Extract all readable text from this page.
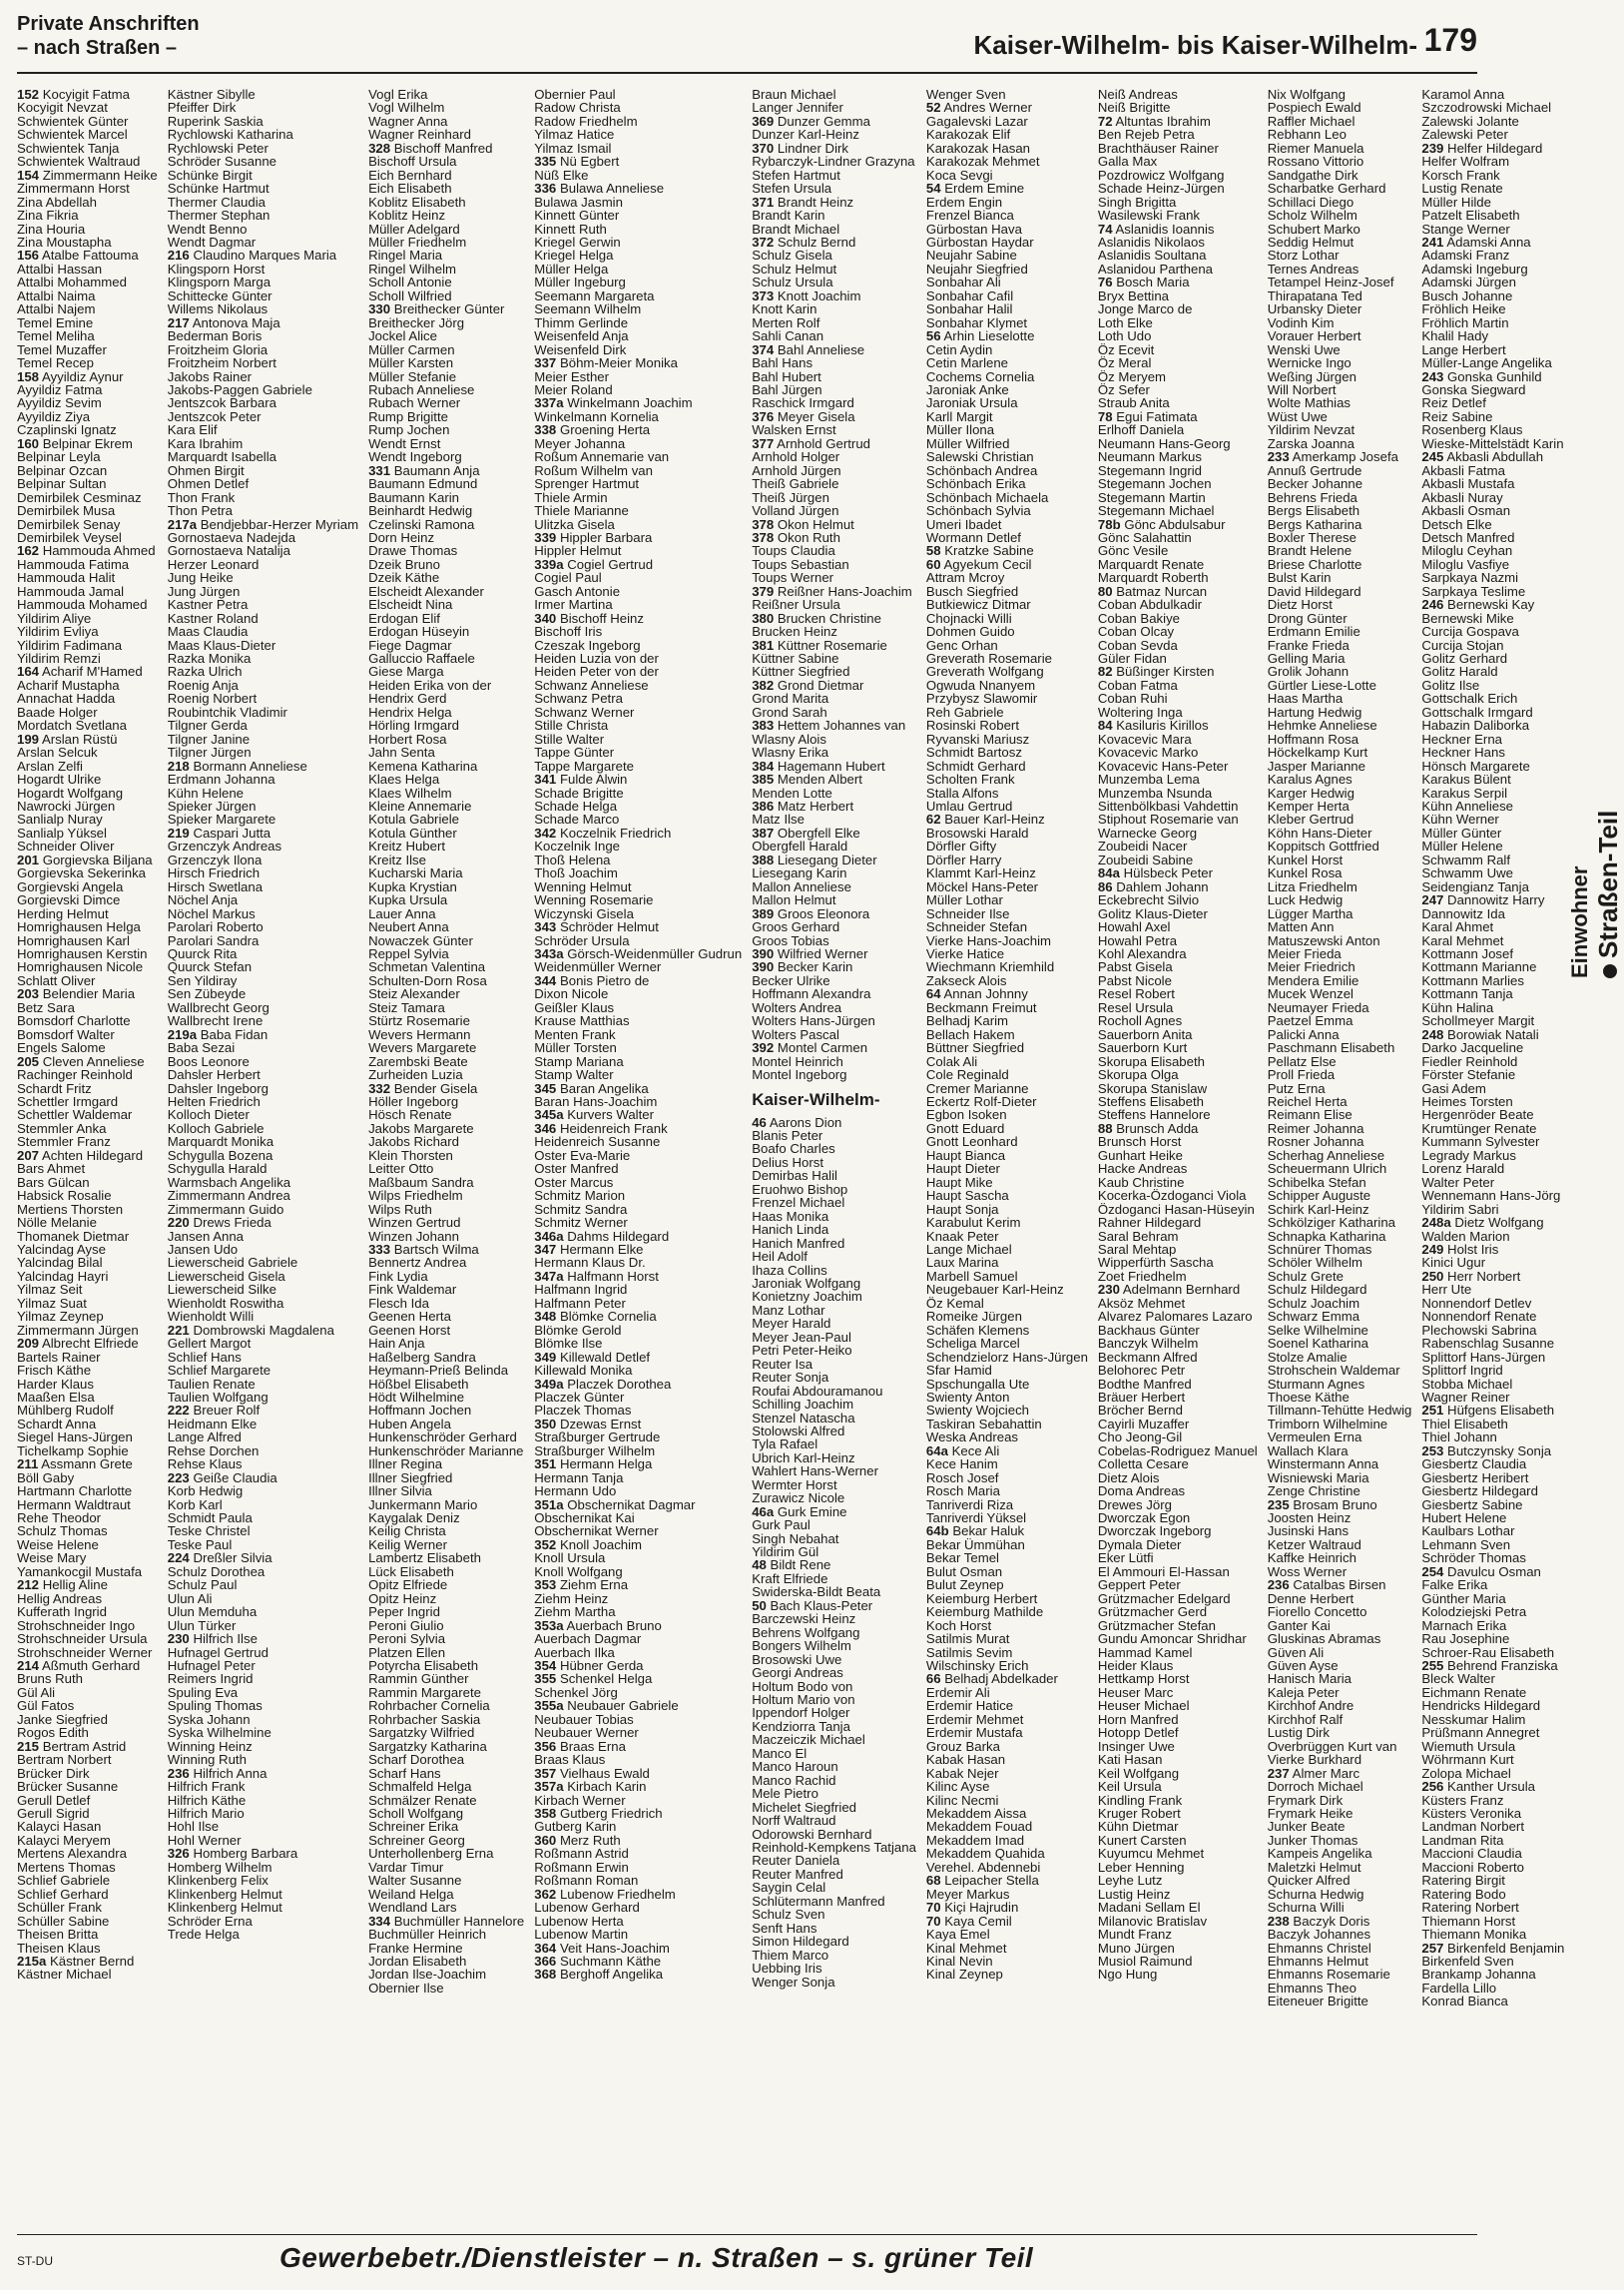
Private Anschriften
– nach Straßen –	Kaiser-Wilhelm- bis Kaiser-Wilhelm- 179
152 Kocyigit Fatma
Kocyigit Nevzat
Schwientek Günter
Schwientek Marcel
Schwientek Tanja
Schwientek Waltraud
154 Zimmermann Heike
Zimmermann Horst
Zina Abdellah
Zina Fikria
Zina Houria
Zina Moustapha
156 Atalbe Fattouma
Attalbi Hassan
Attalbi Mohammed
Attalbi Naima
Attalbi Najem
Temel Emine
Temel Meliha
Temel Muzaffer
Temel Recep
158 Ayyildiz Aynur
Ayyildiz Fatma
Ayyildiz Sevim
Ayyildiz Ziya
Czaplinski Ignatz
160 Belpinar Ekrem
Belpinar Leyla
Belpinar Ozcan
Belpinar Sultan
Demirbilek Cesminaz
Demirbilek Musa
Demirbilek Senay
Demirbilek Veysel
162 Hammouda Ahmed
Hammouda Fatima
Hammouda Halit
Hammouda Jamal
Hammouda Mohamed
Yildirim Aliye
Yildirim Evliya
Yildirim Fadimana
Yildirim Remzi
164 Acharif M'Hamed
Acharif Mustapha
Annachat Hadda
Baade Holger
Mordatch Svetlana
199 Arslan Rüstü
Arslan Selcuk
Arslan Zelfi
Hogardt Ulrike
Hogardt Wolfgang
Nawrocki Jürgen
Sanlialp Nuray
Sanlialp Yüksel
Schneider Oliver
201 Gorgievska Biljana
Gorgievska Sekerinka
Gorgievski Angela
Gorgievski Dimce
Herding Helmut
Homrighausen Helga
Homrighausen Karl
Homrighausen Kerstin
Homrighausen Nicole
Schlatt Oliver
203 Belendier Maria
Betz Sara
Bomsdorf Charlotte
Bomsdorf Walter
Engels Salome
205 Cleven Anneliese
Rachinger Reinhold
Schardt Fritz
Schettler Irmgard
Schettler Waldemar
Stemmler Anka
Stemmler Franz
207 Achten Hildegard
Bars Ahmet
Bars Gülcan
Habsick Rosalie
Mertiens Thorsten
Nölle Melanie
Thomanek Dietmar
Yalcindag Ayse
Yalcindag Bilal
Yalcindag Hayri
Yilmaz Seit
Yilmaz Suat
Yilmaz Zeynep
Zimmermann Jürgen
209 Albrecht Elfriede
Bartels Rainer
Frisch Käthe
Harder Klaus
Maaßen Elsa
Mühlberg Rudolf
Schardt Anna
Siegel Hans-Jürgen
Tichelkamp Sophie
211 Assmann Grete
Böll Gaby
Hartmann Charlotte
Hermann Waldtraut
Rehe Theodor
Schulz Thomas
Weise Helene
Weise Mary
Yamankocgil Mustafa
212 Hellig Aline
Hellig Andreas
Kufferath Ingrid
Strohschneider Ingo
Strohschneider Ursula
Strohschneider Werner
214 Aßmuth Gerhard
Bruns Ruth
Gül Ali
Gül Fatos
Janke Siegfried
Rogos Edith
215 Bertram Astrid
Bertram Norbert
Brücker Dirk
Brücker Susanne
Gerull Detlef
Gerull Sigrid
Kalayci Hasan
Kalayci Meryem
Mertens Alexandra
Mertens Thomas
Schlief Gabriele
Schlief Gerhard
Schüller Frank
Schüller Sabine
Theisen Britta
Theisen Klaus
215a Kästner Bernd
Kästner Michael
Kästner Sibylle
Pfeiffer Dirk
Ruperink Saskia
Rychlowski Katharina
Rychlowski Peter
Schröder Susanne
Schünke Birgit
Schünke Hartmut
Thermer Claudia
Thermer Stephan
Wendt Benno
Wendt Dagmar
216 Claudino Marques Maria
Klingsporn Horst
Klingsporn Marga
Schittecke Günter
Willems Nikolaus
217 Antonova Maja
Bederman Boris
Froitzheim Gloria
Froitzheim Norbert
Jakobs Rainer
Jakobs-Paggen Gabriele
Jentszcok Barbara
Jentszcok Peter
Kara Elif
Kara Ibrahim
Marquardt Isabella
Ohmen Birgit
Ohmen Detlef
Thon Frank
Thon Petra
217a Bendjebbar-Herzer Myriam
Gornostaeva Nadejda
Gornostaeva Natalija
Herzer Leonard
Jung Heike
Jung Jürgen
Kastner Petra
Kastner Roland
Maas Claudia
Maas Klaus-Dieter
Razka Monika
Razka Ulrich
Roenig Anja
Roenig Norbert
Roubintchik Vladimir
Tilgner Gerda
Tilgner Janine
Tilgner Jürgen
218 Bormann Anneliese
Erdmann Johanna
Kühn Helene
Spieker Jürgen
Spieker Margarete
219 Caspari Jutta
Grzenczyk Andreas
Grzenczyk Ilona
Hirsch Friedrich
Hirsch Swetlana
Nöchel Anja
Nöchel Markus
Parolari Roberto
Parolari Sandra
Quurck Rita
Quurck Stefan
Sen Yildiray
Sen Zübeyde
Wallbrecht Georg
Wallbrecht Irene
219a Baba Fidan
Baba Sezai
Boos Leonore
Dahsler Herbert
Dahsler Ingeborg
Helten Friedrich
Kolloch Dieter
Kolloch Gabriele
Marquardt Monika
Schygulla Bozena
Schygulla Harald
Warmsbach Angelika
Zimmermann Andrea
Zimmermann Guido
220 Drews Frieda
Jansen Anna
Jansen Udo
Liewerscheid Gabriele
Liewerscheid Gisela
Liewerscheid Silke
Wienholdt Roswitha
Wienholdt Willi
221 Dombrowski Magdalena
Gellert Margot
Schlief Hans
Schlief Margarete
Taulien Renate
Taulien Wolfgang
222 Breuer Rolf
Heidmann Elke
Lange Alfred
Rehse Dorchen
Rehse Klaus
223 Geiße Claudia
Korb Hedwig
Korb Karl
Schmidt Paula
Teske Christel
Teske Paul
224 Dreßler Silvia
Schulz Dorothea
Schulz Paul
Ulun Ali
Ulun Memduha
Ulun Türker
230 Hilfrich Ilse
Hufnagel Gertrud
Hufnagel Peter
Reimers Ingrid
Spuling Eva
Spuling Thomas
Syska Johann
Syska Wilhelmine
Winning Heinz
Winning Ruth
236 Hilfrich Anna
Hilfrich Frank
Hilfrich Käthe
Hilfrich Mario
Hohl Ilse
Hohl Werner
326 Homberg Barbara
Homberg Wilhelm
Klinkenberg Felix
Klinkenberg Helmut
Klinkenberg Helmut
Schröder Erna
Trede Helga
Vogl Erika
Vogl Wilhelm
Wagner Anna
Wagner Reinhard
328 Bischoff Manfred
Bischoff Ursula
Eich Bernhard
Eich Elisabeth
Koblitz Elisabeth
Koblitz Heinz
Müller Adelgard
Müller Friedhelm
Ringel Maria
Ringel Wilhelm
Scholl Antonie
Scholl Wilfried
330 Breithecker Günter
Breithecker Jörg
Jockel Alice
Müller Carmen
Müller Karsten
Müller Stefanie
Rubach Anneliese
Rubach Werner
Rump Brigitte
Rump Jochen
Wendt Ernst
Wendt Ingeborg
331 Baumann Anja
Baumann Edmund
Baumann Karin
Beinhardt Hedwig
Czelinski Ramona
Dorn Heinz
Drawe Thomas
Dzeik Bruno
Dzeik Käthe
Elscheidt Alexander
Elscheidt Nina
Erdogan Elif
Erdogan Hüseyin
Fiege Dagmar
Galluccio Raffaele
Giese Marga
Heiden Erika von der
Hendrix Gerd
Hendrix Helga
Hörling Irmgard
Horbert Rosa
Jahn Senta
Kemena Katharina
Klaes Helga
Klaes Wilhelm
Kleine Annemarie
Kotula Gabriele
Kotula Günther
Kreitz Hubert
Kreitz Ilse
Kucharski Maria
Kupka Krystian
Kupka Ursula
Lauer Anna
Neubert Anna
Nowaczek Günter
Reppel Sylvia
Schmetan Valentina
Schulten-Dorn Rosa
Steiz Alexander
Steiz Tamara
Stürtz Rosemarie
Wevers Hermann
Wevers Margarete
Zarembski Beate
Zurheiden Luzia
332 Bender Gisela
Höller Ingeborg
Hösch Renate
Jakobs Margarete
Jakobs Richard
Klein Thorsten
Leitter Otto
Maßbaum Sandra
Wilps Friedhelm
Wilps Ruth
Winzen Gertrud
Winzen Johann
333 Bartsch Wilma
Bennertz Andrea
Fink Lydia
Fink Waldemar
Flesch Ida
Geenen Herta
Geenen Horst
Hain Anja
Haßelberg Sandra
Heymann-Prieß Belinda
Hößbel Elisabeth
Hödt Wilhelmine
Hoffmann Jochen
Huben Angela
Hunkenschröder Gerhard
Hunkenschröder Marianne
Illner Regina
Illner Siegfried
Illner Silvia
Junkermann Mario
Kaygalak Deniz
Keilig Christa
Keilig Werner
Lambertz Elisabeth
Lück Elisabeth
Opitz Elfriede
Opitz Heinz
Peper Ingrid
Peroni Giulio
Peroni Sylvia
Platzen Ellen
Potyrcha Elisabeth
Rammin Günther
Rammin Margarete
Rohrbacher Cornelia
Rohrbacher Saskia
Sargatzky Wilfried
Sargatzky Katharina
Scharf Dorothea
Scharf Hans
Schmalfeld Helga
Schmälzer Renate
Scholl Wolfgang
Schreiner Erika
Schreiner Georg
Unterhollenberg Erna
Vardar Timur
Walter Susanne
Weiland Helga
Wendland Lars
334 Buchmüller Hannelore
Buchmüller Heinrich
Franke Hermine
Jordan Elisabeth
Jordan Ilse-Joachim
Obernier Ilse
Obernier Paul
Radow Christa
Radow Friedhelm
Yilmaz Hatice
Yilmaz Ismail
335 Nü Egbert
Nüß Elke
336 Bulawa Anneliese
Bulawa Jasmin
Kinnett Günter
Kinnett Ruth
Kriegel Gerwin
Kriegel Helga
Müller Helga
Müller Ingeburg
Seemann Margareta
Seemann Wilhelm
Thimm Gerlinde
Weisenfeld Anja
Weisenfeld Dirk
337 Böhm-Meier Monika
Meier Esther
Meier Roland
337a Winkelmann Joachim
Winkelmann Kornelia
338 Groening Herta
Meyer Johanna
Roßum Annemarie van
Roßum Wilhelm van
Sprenger Hartmut
Thiele Armin
Thiele Marianne
Ulitzka Gisela
339 Hippler Barbara
Hippler Helmut
339a Cogiel Gertrud
Cogiel Paul
Gasch Antonie
Irmer Martina
340 Bischoff Heinz
Bischoff Iris
Czeszak Ingeborg
Heiden Luzia von der
Heiden Peter von der
Schwanz Anneliese
Schwanz Petra
Schwanz Werner
Stille Christa
Stille Walter
Tappe Günter
Tappe Margarete
341 Fulde Alwin
Schade Brigitte
Schade Helga
Schade Marco
342 Koczelnik Friedrich
Koczelnik Inge
Thoß Helena
Thoß Joachim
Wenning Helmut
Wenning Rosemarie
Wiczynski Gisela
343 Schröder Helmut
Schröder Ursula
343a Görsch-Weidenmüller Gudrun
Weidenmüller Werner
344 Bonis Pietro de
Dixon Nicole
Geißler Klaus
Krause Matthias
Menten Frank
Müller Torsten
Stamp Mariana
Stamp Walter
345 Baran Angelika
Baran Hans-Joachim
345a Kurvers Walter
346 Heidenreich Frank
Heidenreich Susanne
Oster Eva-Marie
Oster Manfred
Oster Marcus
Schmitz Marion
Schmitz Sandra
Schmitz Werner
346a Dahms Hildegard
347 Hermann Elke
Hermann Klaus Dr.
347a Halfmann Horst
Halfmann Ingrid
Halfmann Peter
348 Blömke Cornelia
Blömke Gerold
Blömke Ilse
349 Killewald Detlef
Killewald Monika
349a Placzek Dorothea
Placzek Günter
Placzek Thomas
350 Dzewas Ernst
Straßburger Gertrude
Straßburger Wilhelm
351 Hermann Helga
Hermann Tanja
Hermann Udo
351a Obschernikat Dagmar
Obschernikat Kai
Obschernikat Werner
352 Knoll Joachim
Knoll Ursula
Knoll Wolfgang
353 Ziehm Erna
Ziehm Heinz
Ziehm Martha
353a Auerbach Bruno
Auerbach Dagmar
Auerbach Ilka
354 Hübner Gerda
355 Schenkel Helga
Schenkel Jörg
355a Neubauer Gabriele
Neubauer Tobias
Neubauer Werner
356 Braas Erna
Braas Klaus
357 Vielhaus Ewald
357a Kirbach Karin
Kirbach Werner
358 Gutberg Friedrich
Gutberg Karin
360 Merz Ruth
Roßmann Astrid
Roßmann Erwin
Roßmann Roman
362 Lubenow Friedhelm
Lubenow Gerhard
Lubenow Herta
Lubenow Martin
364 Veit Hans-Joachim
366 Suchmann Käthe
368 Berghoff Angelika
Braun Michael
Langer Jennifer
369 Dunzer Gemma
Dunzer Karl-Heinz
370 Lindner Dirk
Rybarczyk-Lindner Grazyna
Stefen Hartmut
Stefen Ursula
371 Brandt Heinz
Brandt Karin
Brandt Michael
372 Schulz Bernd
Schulz Gisela
Schulz Helmut
Schulz Ursula
373 Knott Joachim
Knott Karin
Merten Rolf
Sahli Canan
374 Bahl Anneliese
Bahl Hans
Bahl Hubert
Bahl Jürgen
Raschick Irmgard
376 Meyer Gisela
Walsken Ernst
377 Arnhold Gertrud
Arnhold Holger
Arnhold Jürgen
Theiß Gabriele
Theiß Jürgen
Volland Jürgen
378 Okon Helmut
378 Okon Ruth
Toups Claudia
Toups Sebastian
Toups Werner
379 Reißner Hans-Joachim
Reißner Ursula
380 Brucken Christine
Brucken Heinz
381 Küttner Rosemarie
Küttner Sabine
Küttner Siegfried
382 Grond Dietmar
Grond Marita
Grond Sarah
383 Hettem Johannes van
Wlasny Alois
Wlasny Erika
384 Hagemann Hubert
385 Menden Albert
Menden Lotte
386 Matz Herbert
Matz Ilse
387 Obergfell Elke
Obergfell Harald
388 Liesegang Dieter
Liesegang Karin
Mallon Anneliese
Mallon Helmut
389 Groos Eleonora
Groos Gerhard
Groos Tobias
390 Wilfried Werner
390 Becker Karin
Becker Ulrike
Hoffmann Alexandra
Wolters Andrea
Wolters Hans-Jürgen
Wolters Pascal
392 Montel Carmen
Montel Heinrich
Montel Ingeborg
Kaiser-Wilhelm-
46 Aarons Dion
Blanis Peter
Boafo Charles
Delius Horst
Demirbas Halil
Eruohwo Bishop
Frenzel Michael
Haas Monika
Hanich Linda
Hanich Manfred
Heil Adolf
Ihaza Collins
Jaroniak Wolfgang
Konietzny Joachim
Manz Lothar
Meyer Harald
Meyer Jean-Paul
Petri Peter-Heiko
Reuter Isa
Reuter Sonja
Roufai Abdouramanou
Schilling Joachim
Stenzel Natascha
Stolowski Alfred
Tyla Rafael
Ubrich Karl-Heinz
Wahlert Hans-Werner
Wermter Horst
Zurawicz Nicole
46a Gurk Emine
Gurk Paul
Singh Nebahat
Yildirim Gül
48 Bildt Rene
Kraft Elfriede
Swiderska-Bildt Beata
50 Bach Klaus-Peter
Barczewski Heinz
Behrens Wolfgang
Bongers Wilhelm
Brosowski Uwe
Georgi Andreas
Holtum Bodo von
Holtum Mario von
Ippendorf Holger
Kendziorra Tanja
Maczeiczik Michael
Manco El
Manco Haroun
Manco Rachid
Mele Pietro
Michelet Siegfried
Norff Waltraud
Odorowski Bernhard
Reinhold-Kempkens Tatjana
Reuter Daniela
Reuter Manfred
Saygin Celal
Schlütermann Manfred
Schulz Sven
Senft Hans
Simon Hildegard
Thiem Marco
Uebbing Iris
Wenger Sonja
Wenger Sven
52 Andres Werner
Gagalevski Lazar
Karakozak Elif
Karakozak Hasan
Karakozak Mehmet
Koca Sevgi
54 Erdem Emine
Erdem Engin
Frenzel Bianca
Gürbostan Hava
Gürbostan Haydar
Neujahr Sabine
Neujahr Siegfried
Sonbahar Ali
Sonbahar Cafil
Sonbahar Halil
Sonbahar Klymet
56 Arhin Lieselotte
Cetin Aydin
Cetin Marlene
Cochems Cornelia
Jaroniak Anke
Jaroniak Ursula
Karll Margit
Müller Ilona
Müller Wilfried
Salewski Christian
Schönbach Andrea
Schönbach Erika
Schönbach Michaela
Schönbach Sylvia
Umeri Ibadet
Wormann Detlef
58 Kratzke Sabine
60 Agyekum Cecil
Attram Mcroy
Busch Siegfried
Butkiewicz Ditmar
Chojnacki Willi
Dohmen Guido
Genc Orhan
Greverath Rosemarie
Greverath Wolfgang
Ogwuda Nnanyem
Przybysz Slawomir
Reh Gabriele
Rosinski Robert
Ryvanski Mariusz
Schmidt Bartosz
Schmidt Gerhard
Scholten Frank
Stalla Alfons
Umlau Gertrud
62 Bauer Karl-Heinz
Brosowski Harald
Dörfler Gifty
Dörfler Harry
Klammt Karl-Heinz
Möckel Hans-Peter
Müller Lothar
Schneider Ilse
Schneider Stefan
Vierke Hans-Joachim
Vierke Hatice
Wiechmann Kriemhild
Zakseck Alois
64 Annan Johnny
Beckmann Freimut
Belhadj Karim
Bellach Hakem
Büttner Siegfried
Colak Ali
Cole Reginald
Cremer Marianne
Eckertz Rolf-Dieter
Egbon Isoken
Gnott Eduard
Gnott Leonhard
Haupt Bianca
Haupt Dieter
Haupt Mike
Haupt Sascha
Haupt Sonja
Karabulut Kerim
Knaak Peter
Lange Michael
Laux Marina
Marbell Samuel
Neugebauer Karl-Heinz
Öz Kemal
Romeike Jürgen
Schäfen Klemens
Scheliga Marcel
Schendzielorz Hans-Jürgen
Sfar Hamid
Spschungalla Ute
Swienty Anton
Swienty Wojciech
Taskiran Sebahattin
Weska Andreas
64a Kece Ali
Kece Hanim
Rosch Josef
Rosch Maria
Tanriverdi Riza
Tanriverdi Yüksel
64b Bekar Haluk
Bekar Ümmühan
Bekar Temel
Bulut Osman
Bulut Zeynep
Keiemburg Herbert
Keiemburg Mathilde
Koch Horst
Satilmis Murat
Satilmis Sevim
Wilschinsky Erich
66 Belhadj Abdelkader
Erdemir Ali
Erdemir Hatice
Erdemir Mehmet
Erdemir Mustafa
Grouz Barka
Kabak Hasan
Kabak Nejer
Kilinc Ayse
Kilinc Necmi
Mekaddem Aissa
Mekaddem Fouad
Mekaddem Imad
Mekaddem Quahida
Verehel. Abdennebi
68 Leipacher Stella
Meyer Markus
70 Kiçi Hajrudin
70 Kaya Cemil
Kaya Emel
Kinal Mehmet
Kinal Nevin
Kinal Zeynep
Neiß Andreas
Neiß Brigitte
72 Altuntas Ibrahim
Ben Rejeb Petra
Brachthäuser Rainer
Galla Max
Pozdrowicz Wolfgang
Schade Heinz-Jürgen
Singh Brigitta
Wasilewski Frank
74 Aslanidis Ioannis
Aslanidis Nikolaos
Aslanidis Soultana
Aslanidou Parthena
76 Bosch Maria
Bryx Bettina
Jonge Marco de
Loth Elke
Loth Udo
Öz Ecevit
Öz Meral
Öz Meryem
Öz Sefer
Straub Anita
78 Egui Fatimata
Erlhoff Daniela
Neumann Hans-Georg
Neumann Markus
Stegemann Ingrid
Stegemann Jochen
Stegemann Martin
Stegemann Michael
78b Gönc Abdulsabur
Gönc Salahattin
Gönc Vesile
Marquardt Renate
Marquardt Roberth
80 Batmaz Nurcan
Coban Abdulkadir
Coban Bakiye
Coban Olcay
Coban Sevda
Güler Fidan
82 Büßinger Kirsten
Coban Fatma
Coban Ruhi
Woltering Inga
84 Kasiluris Kirillos
Kovacevic Mara
Kovacevic Marko
Kovacevic Hans-Peter
Munzemba Lema
Munzemba Nsunda
Sittenbölkbasi Vahdettin
Stiphout Rosemarie van
Warnecke Georg
Zoubeidi Nacer
Zoubeidi Sabine
84a Hülsbeck Peter
86 Dahlem Johann
Eckebrecht Silvio
Golitz Klaus-Dieter
Howahl Axel
Howahl Petra
Kohl Alexandra
Pabst Gisela
Pabst Nicole
Resel Robert
Resel Ursula
Rocholl Agnes
Sauerborn Anita
Sauerborn Kurt
Skorupa Elisabeth
Skorupa Olga
Skorupa Stanislaw
Steffens Elisabeth
Steffens Hannelore
88 Brunsch Adda
Brunsch Horst
Gunhart Heike
Hacke Andreas
Kaub Christine
Kocerka-Özdoganci Viola
Özdoganci Hasan-Hüseyin
Rahner Hildegard
Saral Behram
Saral Mehtap
Wipperfürth Sascha
Zoet Friedhelm
230 Adelmann Bernhard
Aksöz Mehmet
Alvarez Palomares Lazaro
Backhaus Günter
Banczyk Wilhelm
Beckmann Alfred
Belohorec Petr
Bodthe Manfred
Bräuer Herbert
Bröcher Bernd
Cayirli Muzaffer
Cho Jeong-Gil
Cobelas-Rodriguez Manuel
Colletta Cesare
Dietz Alois
Doma Andreas
Drewes Jörg
Dworczak Egon
Dworczak Ingeborg
Dymala Dieter
Eker Lütfi
El Ammouri El-Hassan
Geppert Peter
Grützmacher Edelgard
Grützmacher Gerd
Grützmacher Stefan
Gundu Amoncar Shridhar
Hammad Kamel
Heider Klaus
Hettkamp Horst
Heuser Marc
Heuser Michael
Horn Manfred
Hotopp Detlef
Insinger Uwe
Kati Hasan
Keil Wolfgang
Keil Ursula
Kindling Frank
Kruger Robert
Kühn Dietmar
Kunert Carsten
Kuyumcu Mehmet
Leber Henning
Leyhe Lutz
Lustig Heinz
Madani Sellam El
Milanovic Bratislav
Mundt Franz
Muno Jürgen
Musiol Raimund
Ngo Hung
Nix Wolfgang
Pospiech Ewald
Raffler Michael
Rebhann Leo
Riemer Manuela
Rossano Vittorio
Sandgathe Dirk
Scharbatke Gerhard
Schillaci Diego
Scholz Wilhelm
Schubert Marko
Seddig Helmut
Storz Lothar
Ternes Andreas
Tetampel Heinz-Josef
Thirapatana Ted
Urbansky Dieter
Vodinh Kim
Vorauer Herbert
Wenski Uwe
Wernicke Ingo
Weßing Jürgen
Will Norbert
Wolte Mathias
Wüst Uwe
Yildirim Nevzat
Zarska Joanna
233 Amerkamp Josefa
Annuß Gertrude
Becker Johanne
Behrens Frieda
Bergs Elisabeth
Bergs Katharina
Boxler Therese
Brandt Helene
Briese Charlotte
Bulst Karin
David Hildegard
Dietz Horst
Drong Günter
Erdmann Emilie
Franke Frieda
Gelling Maria
Grolik Johann
Gürtler Liese-Lotte
Haas Martha
Hartung Hedwig
Hehmke Anneliese
Hoffmann Rosa
Höckelkamp Kurt
Jasper Marianne
Karalus Agnes
Karger Hedwig
Kemper Herta
Kleber Gertrud
Köhn Hans-Dieter
Koppitsch Gottfried
Kunkel Horst
Kunkel Rosa
Litza Friedhelm
Luck Hedwig
Lügger Martha
Matten Ann
Matuszewski Anton
Meier Frieda
Meier Friedrich
Mendera Emilie
Mucek Wenzel
Neumayer Frieda
Paetzel Emma
Palicki Anna
Paschmann Elisabeth
Pellatz Else
Proll Frieda
Putz Erna
Reichel Herta
Reimann Elise
Reimer Johanna
Rosner Johanna
Scherhag Anneliese
Scheuermann Ulrich
Schibelka Stefan
Schipper Auguste
Schirk Karl-Heinz
Schkölziger Katharina
Schnapka Katharina
Schnürer Thomas
Schöler Wilhelm
Schulz Grete
Schulz Hildegard
Schulz Joachim
Schwarz Emma
Selke Wilhelmine
Soenel Katharina
Stolze Amalie
Strohschein Waldemar
Sturmann Agnes
Thoese Käthe
Tillmann-Tehütte Hedwig
Trimborn Wilhelmine
Vermeulen Erna
Wallach Klara
Winstermann Anna
Wisniewski Maria
Zenge Christine
235 Brosam Bruno
Joosten Heinz
Jusinski Hans
Ketzer Waltraud
Kaffke Heinrich
Woss Werner
236 Catalbas Birsen
Denne Herbert
Fiorello Concetto
Ganter Kai
Gluskinas Abramas
Güven Ali
Güven Ayse
Hanisch Maria
Kaleja Peter
Kirchhof Andre
Kirchhof Ralf
Lustig Dirk
Overbrüggen Kurt van
Vierke Burkhard
237 Almer Marc
Dorroch Michael
Frymark Dirk
Frymark Heike
Junker Beate
Junker Thomas
Kampeis Angelika
Maletzki Helmut
Quicker Alfred
Schurna Hedwig
Schurna Willi
238 Baczyk Doris
Baczyk Johannes
Ehmanns Christel
Ehmanns Helmut
Ehmanns Rosemarie
Ehmanns Theo
Eiteneuer Brigitte
Karamol Anna
Szczodrowski Michael
Zalewski Jolante
Zalewski Peter
239 Helfer Hildegard
Helfer Wolfram
Korsch Frank
Lustig Renate
Müller Hilde
Patzelt Elisabeth
Stange Werner
241 Adamski Anna
Adamski Franz
Adamski Ingeburg
Adamski Jürgen
Busch Johanne
Fröhlich Heike
Fröhlich Martin
Khalil Hady
Lange Herbert
Müller-Lange Angelika
243 Gonska Gunhild
Gonska Siegward
Reiz Detlef
Reiz Sabine
Rosenberg Klaus
Wieske-Mittelstädt Karin
245 Akbasli Abdullah
Akbasli Fatma
Akbasli Mustafa
Akbasli Nuray
Akbasli Osman
Detsch Elke
Detsch Manfred
Miloglu Ceyhan
Miloglu Vasfiye
Sarpkaya Nazmi
Sarpkaya Teslime
246 Bernewski Kay
Bernewski Mike
Curcija Gospava
Curcija Stojan
Golitz Gerhard
Golitz Harald
Golitz Ilse
Gottschalk Erich
Gottschalk Irmgard
Habazin Daliborka
Heckner Erna
Heckner Hans
Hönsch Margarete
Karakus Bülent
Karakus Serpil
Kühn Anneliese
Kühn Werner
Müller Günter
Müller Helene
Schwamm Ralf
Schwamm Uwe
Seidengianz Tanja
247 Dannowitz Harry
Dannowitz Ida
Karal Ahmet
Karal Mehmet
Kottmann Josef
Kottmann Marianne
Kottmann Marlies
Kottmann Tanja
Kühn Halina
Schollmeyer Margit
248 Borowiak Natali
Darko Jacqueline
Fiedler Reinhold
Förster Stefanie
Gasi Adem
Heimes Torsten
Hergenröder Beate
Krumtünger Renate
Kummann Sylvester
Legrady Markus
Lorenz Harald
Walter Peter
Wennemann Hans-Jörg
Yildirim Sabri
248a Dietz Wolfgang
Walden Marion
249 Holst Iris
Kinici Ugur
250 Herr Norbert
Herr Ute
Nonnendorf Detlev
Nonnendorf Renate
Plechowski Sabrina
Rabenschlag Susanne
Splittorf Hans-Jürgen
Splittorf Ingrid
Stobba Michael
Wagner Reiner
251 Hüfgens Elisabeth
Thiel Elisabeth
Thiel Johann
253 Butczynsky Sonja
Giesbertz Claudia
Giesbertz Heribert
Giesbertz Hildegard
Giesbertz Sabine
Hubert Helene
Kaulbars Lothar
Lehmann Sven
Schröder Thomas
254 Davulcu Osman
Falke Erika
Günther Maria
Kolodziejski Petra
Marnach Erika
Rau Josephine
Schroer-Rau Elisabeth
255 Behrend Franziska
Bleck Walter
Eichmann Renate
Hendricks Hildegard
Nesskumar Halim
Prüßmann Annegret
Wiemuth Ursula
Wöhrmann Kurt
Zolopa Michael
256 Kanther Ursula
Küsters Franz
Küsters Veronika
Landman Norbert
Landman Rita
Maccioni Claudia
Maccioni Roberto
Ratering Birgit
Ratering Bodo
Ratering Norbert
Thiemann Horst
Thiemann Monika
257 Birkenfeld Benjamin
Birkenfeld Sven
Brankamp Johanna
Fardella Lillo
Konrad Bianca
Einwohner Straßen-Teil
ST-DU	Gewerbebetr./Dienstleister – n. Straßen – s. grüner Teil
